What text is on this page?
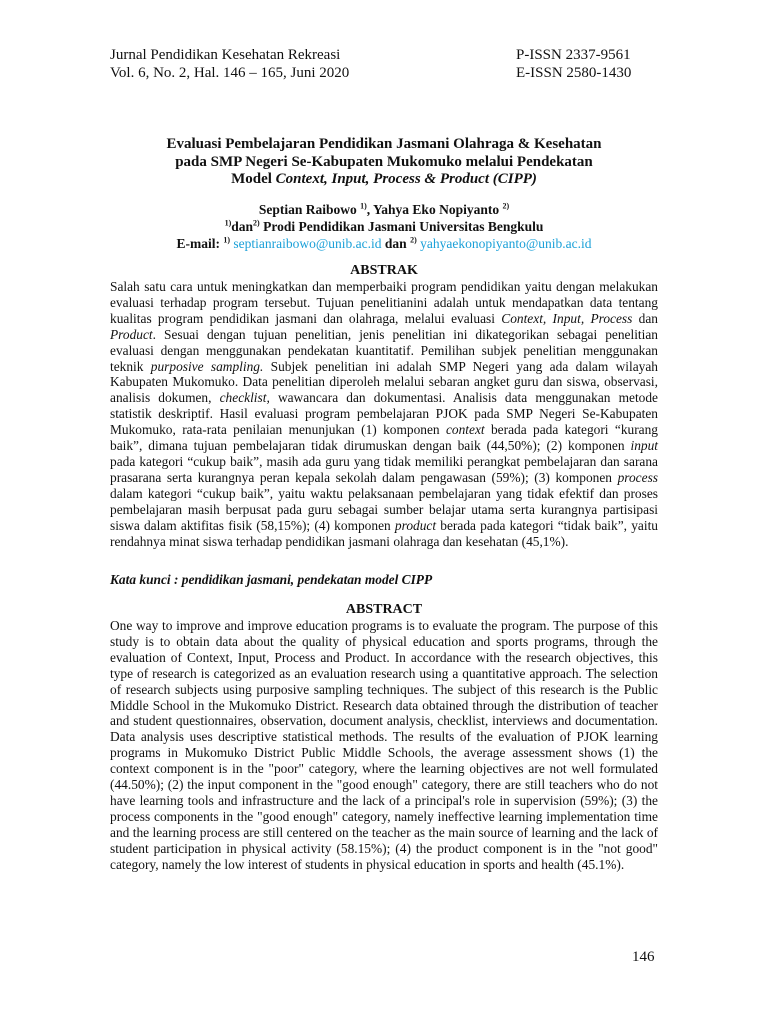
Jurnal Pendidikan Kesehatan Rekreasi
Vol. 6, No. 2, Hal. 146 – 165, Juni 2020
P-ISSN 2337-9561
E-ISSN 2580-1430
Evaluasi Pembelajaran Pendidikan Jasmani Olahraga & Kesehatan
pada SMP Negeri Se-Kabupaten Mukomuko melalui Pendekatan
Model Context, Input, Process & Product (CIPP)
Septian Raibowo $^{1)}$, Yahya Eko Nopiyanto $^{2)}$
$^{1)}$dan$^{2)}$ Prodi Pendidikan Jasmani Universitas Bengkulu
E-mail: $^{1)}$ septianraibowo@unib.ac.id dan $^{2)}$ yahyaekonopiyanto@unib.ac.id
ABSTRAK
Salah satu cara untuk meningkatkan dan memperbaiki program pendidikan yaitu dengan melakukan evaluasi terhadap program tersebut. Tujuan penelitianini adalah untuk mendapatkan data tentang kualitas program pendidikan jasmani dan olahraga, melalui evaluasi Context, Input, Process dan Product. Sesuai dengan tujuan penelitian, jenis penelitian ini dikategorikan sebagai penelitian evaluasi dengan menggunakan pendekatan kuantitatif. Pemilihan subjek penelitian menggunakan teknik purposive sampling. Subjek penelitian ini adalah SMP Negeri yang ada dalam wilayah Kabupaten Mukomuko. Data penelitian diperoleh melalui sebaran angket guru dan siswa, observasi, analisis dokumen, checklist, wawancara dan dokumentasi. Analisis data menggunakan metode statistik deskriptif. Hasil evaluasi program pembelajaran PJOK pada SMP Negeri Se-Kabupaten Mukomuko, rata-rata penilaian menunjukan (1) komponen context berada pada kategori “kurang baik”, dimana tujuan pembelajaran tidak dirumuskan dengan baik (44,50%); (2) komponen input pada kategori “cukup baik”, masih ada guru yang tidak memiliki perangkat pembelajaran dan sarana prasarana serta kurangnya peran kepala sekolah dalam pengawasan (59%); (3) komponen process dalam kategori “cukup baik”, yaitu waktu pelaksanaan pembelajaran yang tidak efektif dan proses pembelajaran masih berpusat pada guru sebagai sumber belajar utama serta kurangnya partisipasi siswa dalam aktifitas fisik (58,15%); (4) komponen product berada pada kategori “tidak baik”, yaitu rendahnya minat siswa terhadap pendidikan jasmani olahraga dan kesehatan (45,1%).
Kata kunci : pendidikan jasmani, pendekatan model CIPP
ABSTRACT
One way to improve and improve education programs is to evaluate the program. The purpose of this study is to obtain data about the quality of physical education and sports programs, through the evaluation of Context, Input, Process and Product. In accordance with the research objectives, this type of research is categorized as an evaluation research using a quantitative approach. The selection of research subjects using purposive sampling techniques. The subject of this research is the Public Middle School in the Mukomuko District. Research data obtained through the distribution of teacher and student questionnaires, observation, document analysis, checklist, interviews and documentation. Data analysis uses descriptive statistical methods. The results of the evaluation of PJOK learning programs in Mukomuko District Public Middle Schools, the average assessment shows (1) the context component is in the "poor" category, where the learning objectives are not well formulated (44.50%); (2) the input component in the "good enough" category, there are still teachers who do not have learning tools and infrastructure and the lack of a principal's role in supervision (59%); (3) the process components in the "good enough" category, namely ineffective learning implementation time and the learning process are still centered on the teacher as the main source of learning and the lack of student participation in physical activity (58.15%); (4) the product component is in the "not good" category, namely the low interest of students in physical education in sports and health (45.1%).
146
